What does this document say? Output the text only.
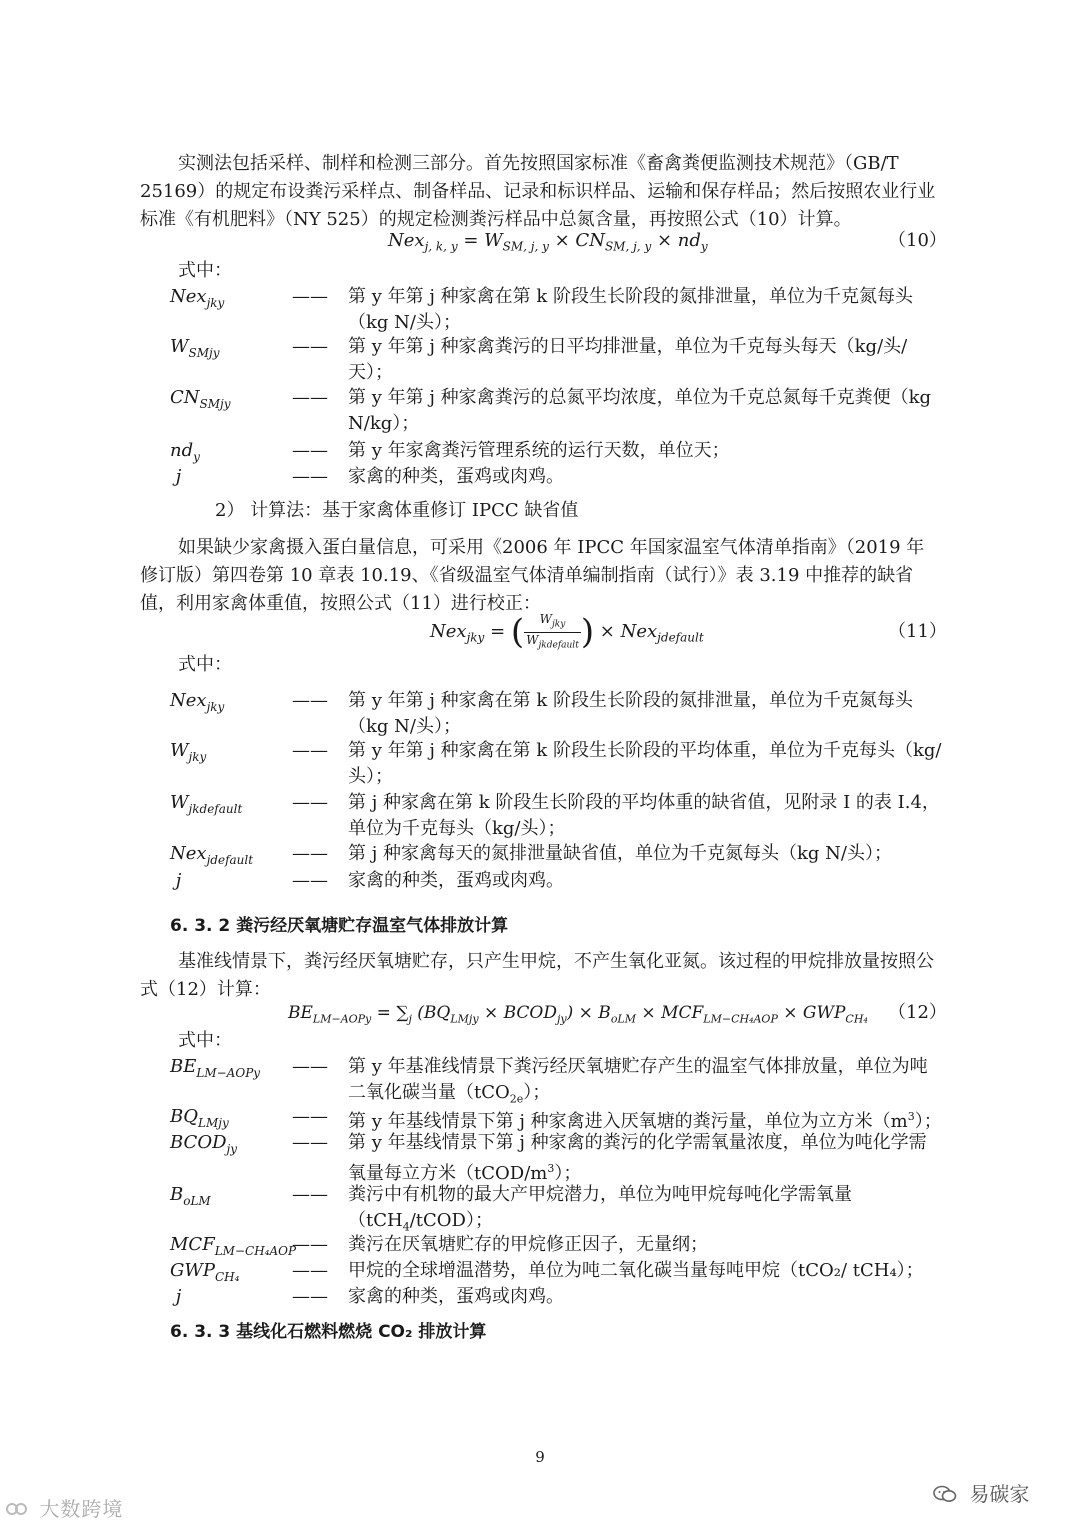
实测法包括采样、制样和检测三部分。首先按照国家标准《畜禽粪便监测技术规范》（GB/T 25169）的规定布设粪污采样点、制备样品、记录和标识样品、运输和保存样品；然后按照农业行业标准《有机肥料》（NY 525）的规定检测粪污样品中总氮含量，再按照公式（10）计算。

$Nex_{j, k, y} = W_{SM, j, y} \times CN_{SM, j, y} \times nd_y$	（10）
式中：
Nex$_{jky}$	—— 第 y 年第 j 种家禽在第 k 阶段生长阶段的氮排泄量，单位为千克氮每头（kg N/头）；
$W_{SMjy}$	—— 第 y 年第 j 种家禽粪污的日平均排泄量，单位为千克每头每天（kg/头/天）；
$CN_{SMjy}$	—— 第 y 年第 j 种家禽粪污的总氮平均浓度，单位为千克总氮每千克粪便（kg N/kg）；
$nd_y$	—— 第 y 年家禽粪污管理系统的运行天数，单位天；
j	—— 家禽的种类，蛋鸡或肉鸡。
2） 计算法：基于家禽体重修订 IPCC 缺省值

如果缺少家禽摄入蛋白量信息，可采用《2006 年 IPCC 年国家温室气体清单指南》（2019 年修订版）第四卷第 10 章表 10.19、《省级温室气体清单编制指南（试行）》表 3.19 中推荐的缺省值，利用家禽体重值，按照公式（11）进行校正：

Nex$_{jky}$ = ( $\frac{W_{jky}}{W_{jkdefault}}$ ) × Nex$_{jdefault}$	（11）
式中：
Nex$_{jky}$	—— 第 y 年第 j 种家禽在第 k 阶段生长阶段的氮排泄量，单位为千克氮每头（kg N/头）；
$W_{jky}$	—— 第 y 年第 j 种家禽在第 k 阶段生长阶段的平均体重，单位为千克每头（kg/头）；
$W_{jkdefault}$	—— 第 j 种家禽在第 k 阶段生长阶段的平均体重的缺省值，见附录 I 的表 I.4，单位为千克每头（kg/头）；
Nex$_{jdefault}$ —— 第 j 种家禽每天的氮排泄量缺省值，单位为千克氮每头（kg N/头）；
j	—— 家禽的种类，蛋鸡或肉鸡。
6. 3. 2 粪污经厌氧塘贮存温室气体排放计算

基准线情景下，粪污经厌氧塘贮存，只产生甲烷，不产生氧化亚氮。该过程的甲烷排放量按照公式（12）计算：

$BE_{LM-AOPy} = \sum_j$ ($BQ_{LMjy}$ × $BCOD_{jy}) \times B_{oLM} \times MCF_{LM-CH_4AOP} \times GWP_{CH_4}$ （12）
式中：
$BE_{LM-AOPy}$ —— 第 y 年基准线情景下粪污经厌氧塘贮存产生的温室气体排放量，单位为吨二氧化碳当量（tCO$_{2e}$）；
$BQ_{LMjy}$	—— 第 y 年基线情景下第 j 种家禽进入厌氧塘的粪污量，单位为立方米$(m^3)$；
$BCOD_{jy}$	—— 第 y 年基线情景下第 j 种家禽的粪污的化学需氧量浓度，单位为吨化学需氧量每立方米$(tCOD/m^3)$；
$B_{oLM}$	—— 粪污中有机物的最大产甲烷潜力，单位为吨甲烷每吨化学需氧量（tCH$_4$/tCOD）；
$MCF_{LM-CH_4AOP}$
—— 粪污在厌氧塘贮存的甲烷修正因子，无量纲；
$GWP_{CH_4}$	—— 甲烷的全球增温潜势，单位为吨二氧化碳当量每吨甲烷（tCO₂/ tCH₄）；
j	—— 家禽的种类，蛋鸡或肉鸡。
6. 3. 3 基线化石燃料燃烧 CO₂ 排放计算
9
大数跨境
易碳家
